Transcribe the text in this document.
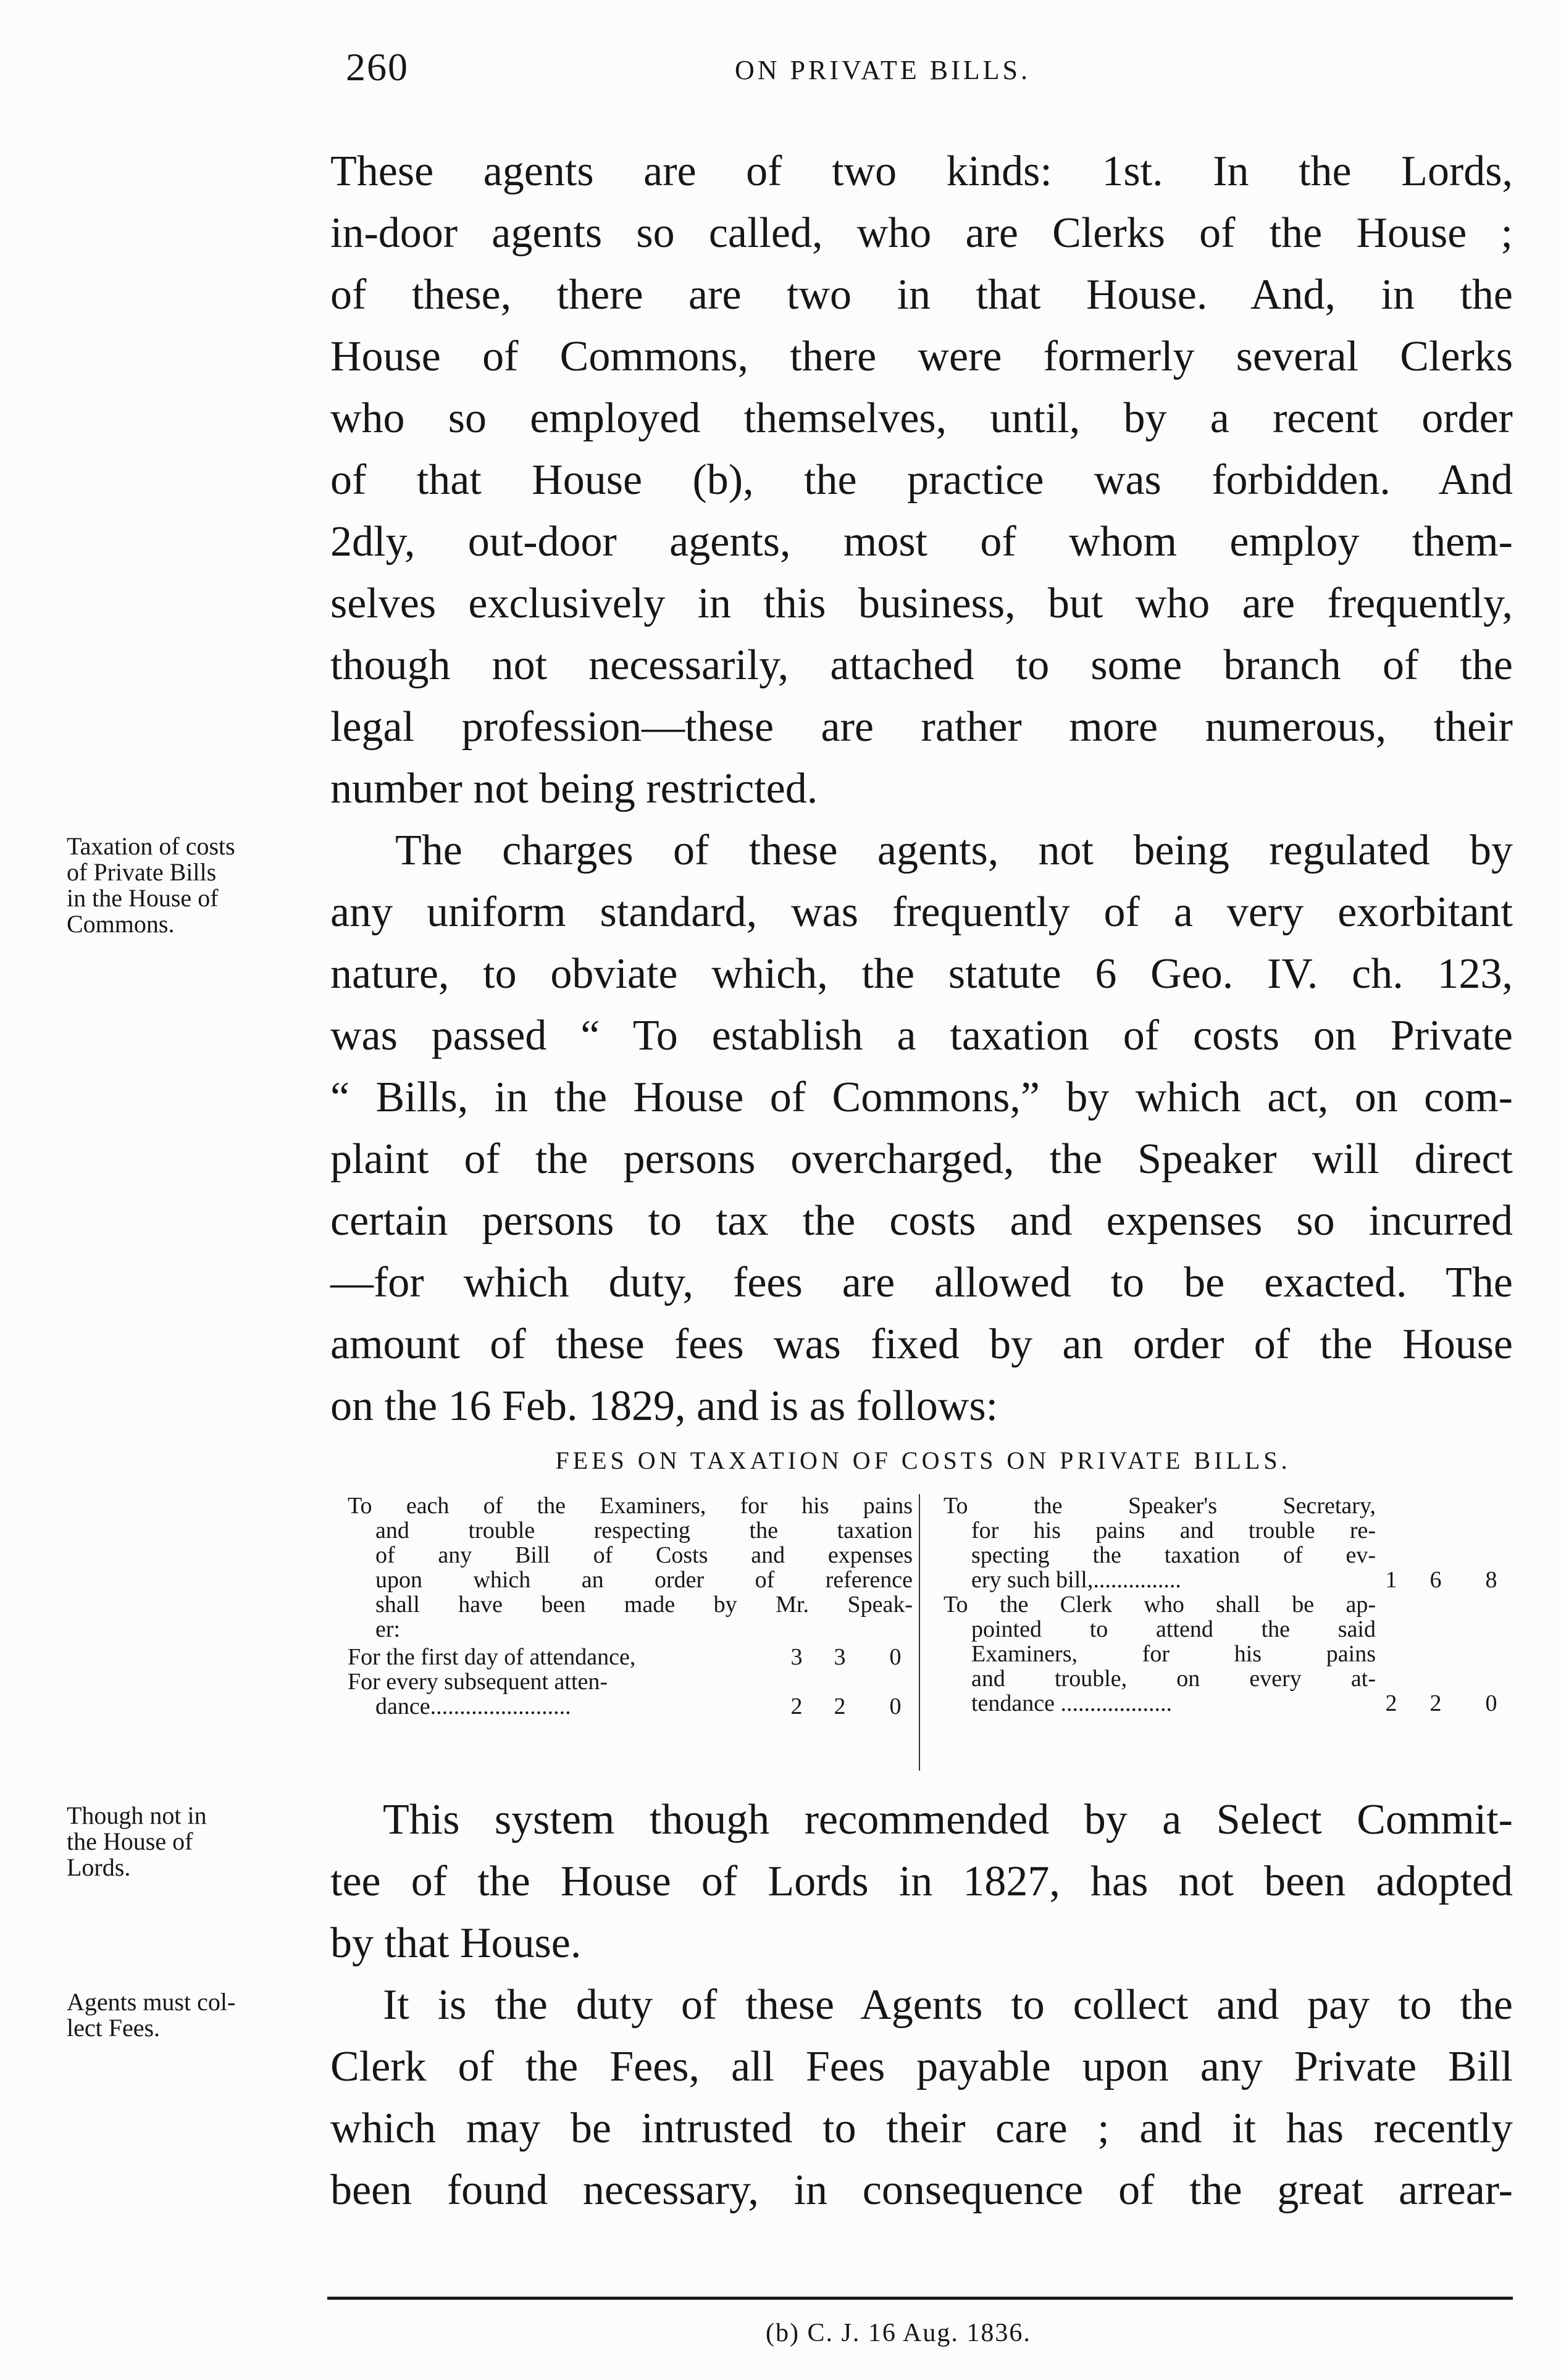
260	ON PRIVATE BILLS.
These agents are of two kinds: 1st. In the Lords,
in-door agents so called, who are Clerks of the House ;
of these, there are two in that House. And, in the
House of Commons, there were formerly several Clerks
who so employed themselves, until, by a recent order
of that House (b), the practice was forbidden. And
2dly, out-door agents, most of whom employ them-
selves exclusively in this business, but who are frequently,
though not necessarily, attached to some branch of the
legal profession—these are rather more numerous, their
number not being restricted.
The charges of these agents, not being regulated by
any uniform standard, was frequently of a very exorbitant
nature, to obviate which, the statute 6 Geo. IV. ch. 123,
was passed “ To establish a taxation of costs on Private
“ Bills, in the House of Commons,” by which act, on com-
plaint of the persons overcharged, the Speaker will direct
certain persons to tax the costs and expenses so incurred
—for which duty, fees are allowed to be exacted. The
amount of these fees was fixed by an order of the House
on the 16 Feb. 1829, and is as follows:
FEES ON TAXATION OF COSTS ON PRIVATE BILLS.
To each of the Examiners, for his pains
and trouble respecting the taxation
of any Bill of Costs and expenses
upon which an order of reference
shall have been made by Mr. Speak-
er:
For the first day of attendance,	3	3	0
For every subsequent atten-
dance........................	2	2	0
To the Speaker's Secretary,
for his pains and trouble re-
specting the taxation of ev-
ery such bill,...............	1	6	8
To the Clerk who shall be ap-
pointed to attend the said
Examiners, for his pains
and trouble, on every at-
tendance ...................	2	2	0
This system though recommended by a Select Commit-
tee of the House of Lords in 1827, has not been adopted
by that House.
It is the duty of these Agents to collect and pay to the
Clerk of the Fees, all Fees payable upon any Private Bill
which may be intrusted to their care ; and it has recently
been found necessary, in consequence of the great arrear-
Taxation of costs
of Private Bills
in the House of
Commons.
Though not in
the House of
Lords.
Agents must col-
lect Fees.
(b) C. J. 16 Aug. 1836.
